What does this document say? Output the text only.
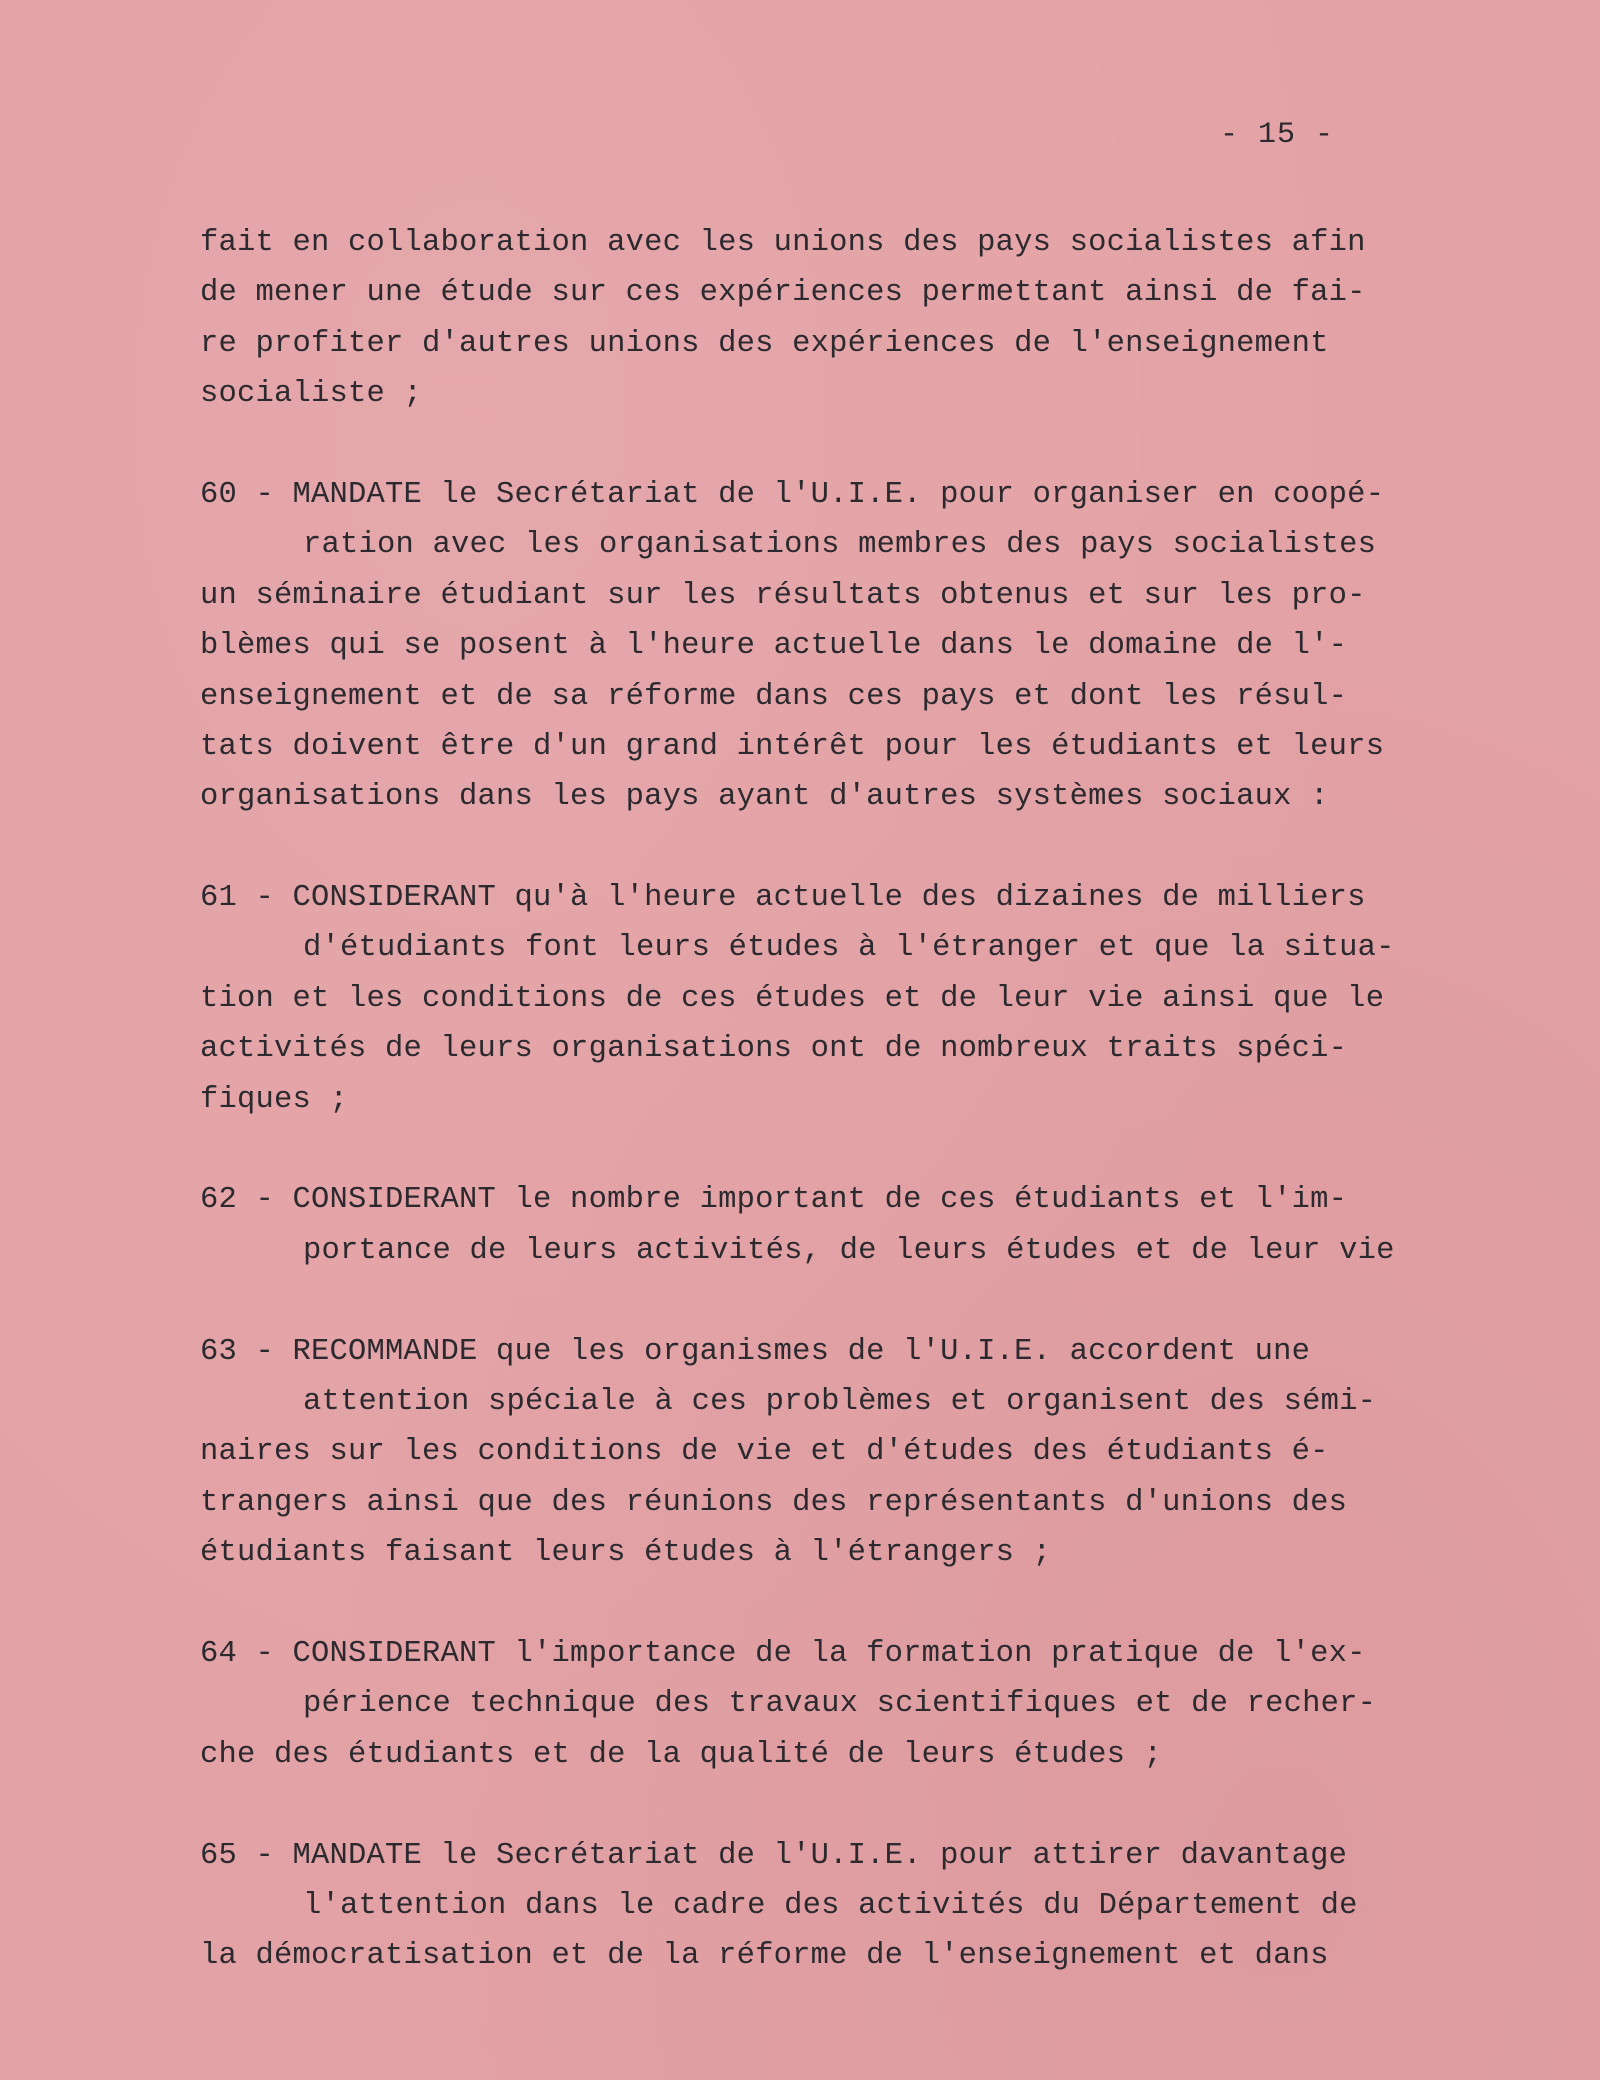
- 15 -
fait en collaboration avec les unions des pays socialistes afin
de mener une étude sur ces expériences permettant ainsi de fai-
re profiter d'autres unions des expériences de l'enseignement
socialiste ;
60 - MANDATE le Secrétariat de l'U.I.E. pour organiser en coopé-
ration avec les organisations membres des pays socialistes
un séminaire étudiant sur les résultats obtenus et sur les pro-
blèmes qui se posent à l'heure actuelle dans le domaine de l'-
enseignement et de sa réforme dans ces pays et dont les résul-
tats doivent être d'un grand intérêt pour les étudiants et leurs
organisations dans les pays ayant d'autres systèmes sociaux :
61 - CONSIDERANT qu'à l'heure actuelle des dizaines de milliers
d'étudiants font leurs études à l'étranger et que la situa-
tion et les conditions de ces études et de leur vie ainsi que le
activités de leurs organisations ont de nombreux traits spéci-
fiques ;
62 - CONSIDERANT le nombre important de ces étudiants et l'im-
portance de leurs activités, de leurs études et de leur vie
63 - RECOMMANDE que les organismes de l'U.I.E. accordent une
attention spéciale à ces problèmes et organisent des sémi-
naires sur les conditions de vie et d'études des étudiants é-
trangers ainsi que des réunions des représentants d'unions des
étudiants faisant leurs études à l'étrangers ;
64 - CONSIDERANT l'importance de la formation pratique de l'ex-
périence technique des travaux scientifiques et de recher-
che des étudiants et de la qualité de leurs études ;
65 - MANDATE le Secrétariat de l'U.I.E. pour attirer davantage
l'attention dans le cadre des activités du Département de
la démocratisation et de la réforme de l'enseignement et dans
